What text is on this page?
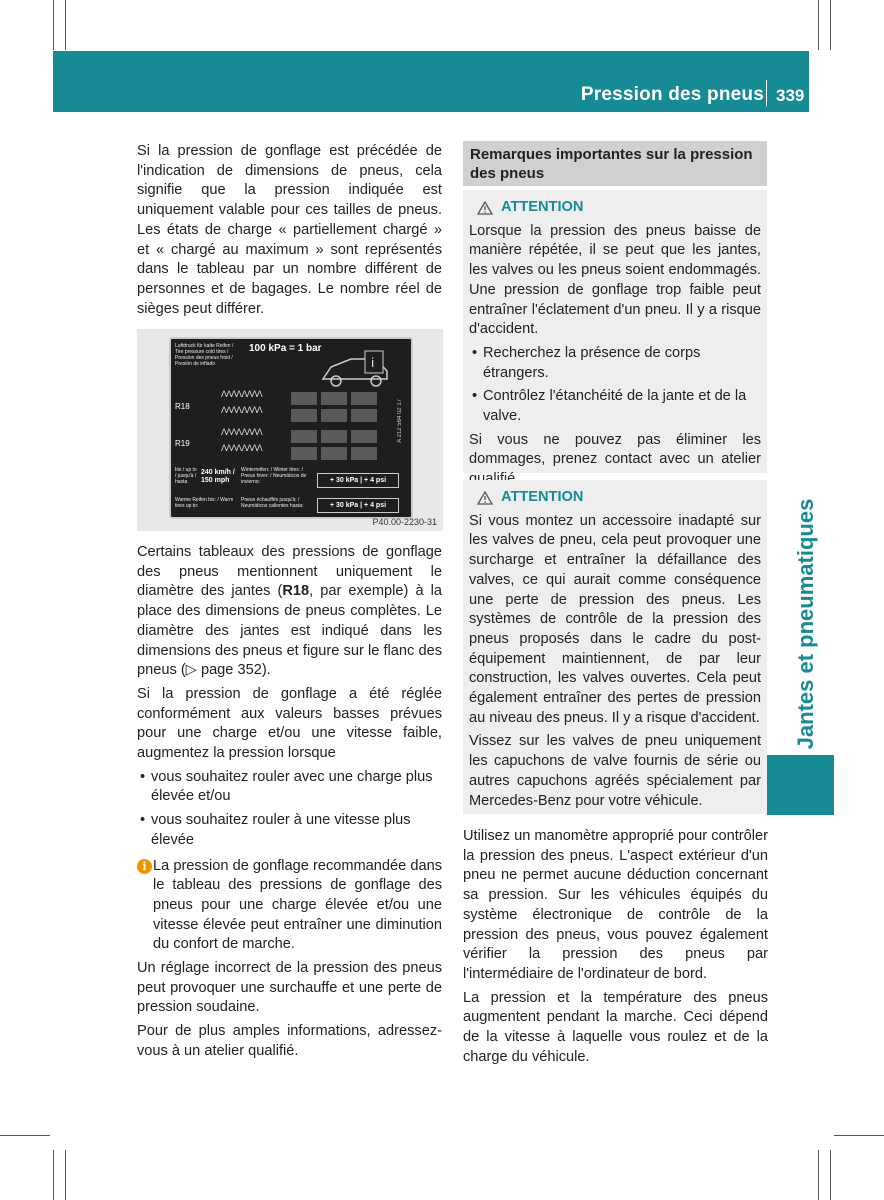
Pression des pneus 339
Jantes et pneumatiques

Si la pression de gonflage est précédée de l'indication de dimensions de pneus, cela signifie que la pression indiquée est uniquement valable pour ces tailles de pneus. Les états de charge « partiellement chargé » et « chargé au maximum » sont représentés dans le tableau par un nombre différent de personnes et de bagages. Le nombre réel de sièges peut différer.

Luftdruck für kalte Reifen / Tire pressure cold tires / Pression des pneus froid / Presión de inflado
100 kPa = 1 bar
i
R18
R19
ΛΛΛΛ ΛΛΛΛ
ΛΛΛΛ ΛΛΛΛ
ΛΛΛΛ ΛΛΛΛ
ΛΛΛΛ ΛΛΛΛ
A 212 584 02 17
bis / up to / jusqu'à / hasta
240 km/h / 150 mph
Warme Reifen bis: / Warm tires up to:
Winterreifen: / Winter tires: / Pneus hiver: / Neumáticos de invierno:
Pneus échauffés jusqu'à: / Neumáticos calientes hasta:
+ 30 kPa | + 4 psi
+ 30 kPa | + 4 psi
P40.00-2230-31

Certains tableaux des pressions de gonflage des pneus mentionnent uniquement le diamètre des jantes (R18, par exemple) à la place des dimensions de pneus complètes. Le diamètre des jantes est indiqué dans les dimensions des pneus et figure sur le flanc des pneus (▷ page 352).

Si la pression de gonflage a été réglée conformément aux valeurs basses prévues pour une charge et/ou une vitesse faible, augmentez la pression lorsque

• vous souhaitez rouler avec une charge plus élevée et/ou
• vous souhaitez rouler à une vitesse plus élevée
i La pression de gonflage recommandée dans le tableau des pressions de gonflage des pneus pour une charge élevée et/ou une vitesse élevée peut entraîner une diminution du confort de marche.

Un réglage incorrect de la pression des pneus peut provoquer une surchauffe et une perte de pression soudaine.

Pour de plus amples informations, adressez-vous à un atelier qualifié.

Remarques importantes sur la pression des pneus
ATTENTION

Lorsque la pression des pneus baisse de manière répétée, il se peut que les jantes, les valves ou les pneus soient endommagés. Une pression de gonflage trop faible peut entraîner l'éclatement d'un pneu. Il y a risque d'accident.

• Recherchez la présence de corps étrangers.
• Contrôlez l'étanchéité de la jante et de la valve.

Si vous ne pouvez pas éliminer les dommages, prenez contact avec un atelier

ATTENTION

Si vous montez un accessoire inadapté sur les valves de pneu, cela peut provoquer une surcharge et entraîner la défaillance des valves, ce qui aurait comme conséquence une perte de pression des pneus. Les systèmes de contrôle de la pression des pneus proposés dans le cadre du post-équipement maintiennent, de par leur construction, les valves ouvertes. Cela peut également entraîner des pertes de pression au niveau des pneus. Il y a risque d'accident.

Vissez sur les valves de pneu uniquement les capuchons de valve fournis de série ou autres capuchons agréés spécialement par Mercedes-Benz pour votre véhicule.

Utilisez un manomètre approprié pour contrôler la pression des pneus. L'aspect extérieur d'un pneu ne permet aucune déduction concernant sa pression. Sur les véhicules équipés du système électronique de contrôle de la pression des pneus, vous pouvez également vérifier la pression des pneus par l'intermédiaire de l'ordinateur de bord.

La pression et la température des pneus augmentent pendant la marche. Ceci dépend de la vitesse à laquelle vous roulez et de la charge du véhicule.
